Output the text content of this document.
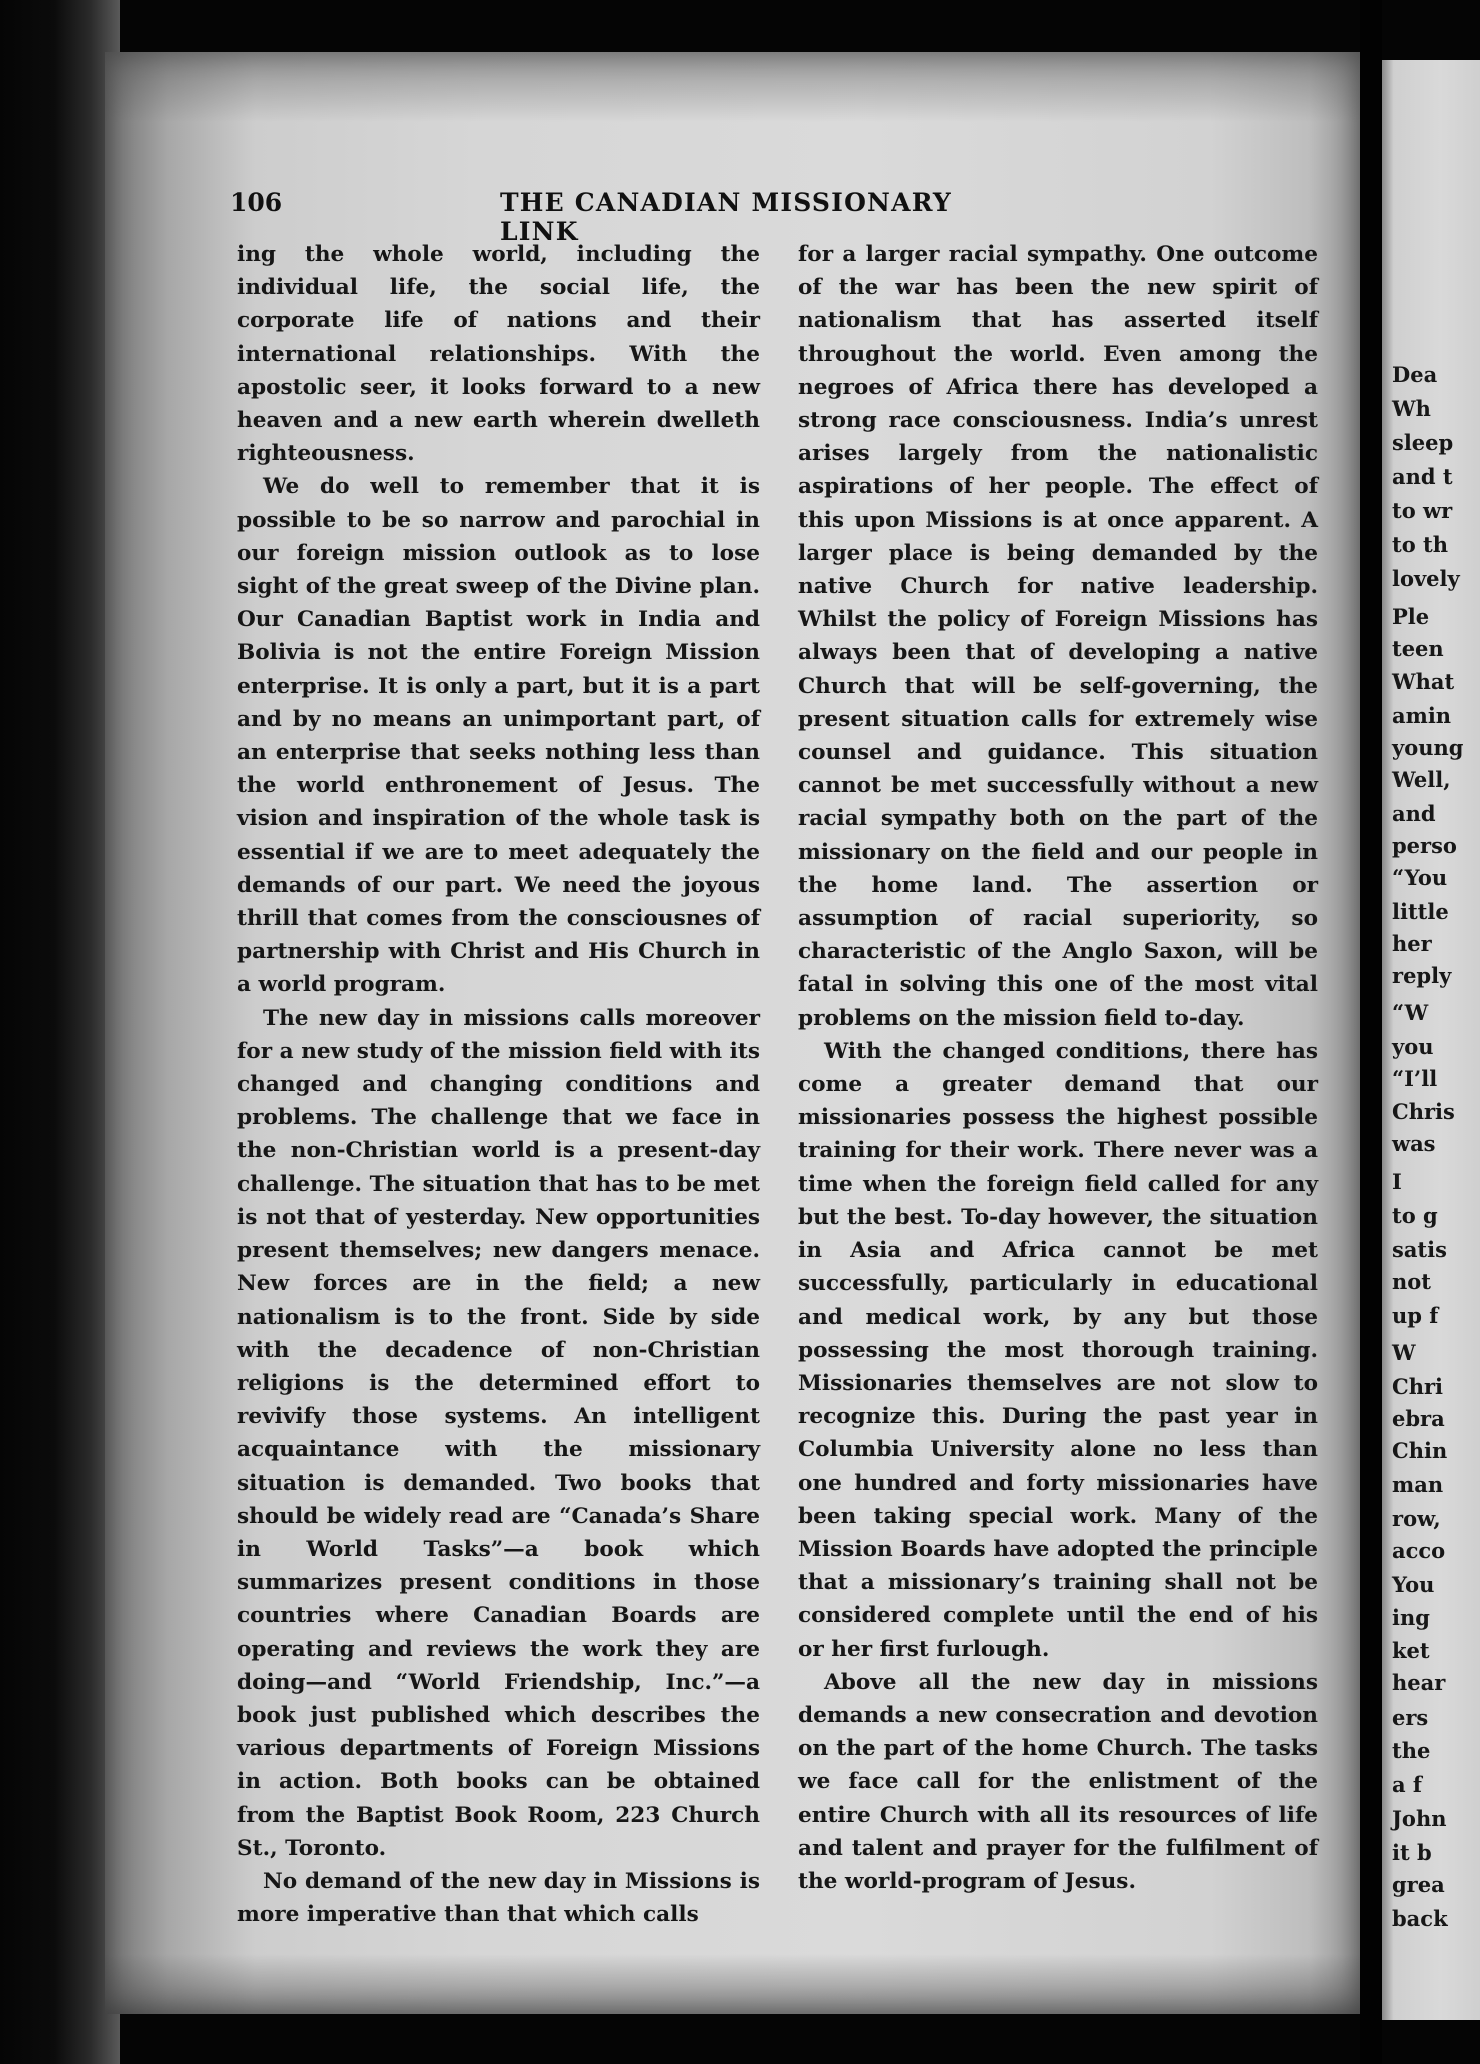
106	THE CANADIAN MISSIONARY LINK

ing the whole world, including the individual life, the social life, the corporate life of nations and their international relationships. With the apostolic seer, it looks forward to a new heaven and a new earth wherein dwelleth righteousness.

We do well to remember that it is possible to be so narrow and parochial in our foreign mission outlook as to lose sight of the great sweep of the Divine plan. Our Canadian Baptist work in India and Bolivia is not the entire Foreign Mission enterprise. It is only a part, but it is a part and by no means an unimportant part, of an enterprise that seeks nothing less than the world enthronement of Jesus. The vision and inspiration of the whole task is essential if we are to meet adequately the demands of our part. We need the joyous thrill that comes from the consciousnes of partnership with Christ and His Church in a world program.

The new day in missions calls moreover for a new study of the mission field with its changed and changing conditions and problems. The challenge that we face in the non-Christian world is a present-day challenge. The situation that has to be met is not that of yesterday. New opportunities present themselves; new dangers menace. New forces are in the field; a new nationalism is to the front. Side by side with the decadence of non-Christian religions is the determined effort to revivify those systems. An intelligent acquaintance with the missionary situation is demanded. Two books that should be widely read are “Canada’s Share in World Tasks”—a book which summarizes present conditions in those countries where Canadian Boards are operating and reviews the work they are doing—and “World Friendship, Inc.”—a book just published which describes the various departments of Foreign Missions in action. Both books can be obtained from the Baptist Book Room, 223 Church St., Toronto.

No demand of the new day in Missions is more imperative than that which calls

for a larger racial sympathy. One outcome of the war has been the new spirit of nationalism that has asserted itself throughout the world. Even among the negroes of Africa there has developed a strong race consciousness. India’s unrest arises largely from the nationalistic aspirations of her people. The effect of this upon Missions is at once apparent. A larger place is being demanded by the native Church for native leadership. Whilst the policy of Foreign Missions has always been that of developing a native Church that will be self-governing, the present situation calls for extremely wise counsel and guidance. This situation cannot be met successfully without a new racial sympathy both on the part of the missionary on the field and our people in the home land. The assertion or assumption of racial superiority, so characteristic of the Anglo Saxon, will be fatal in solving this one of the most vital problems on the mission field to-day.

With the changed conditions, there has come a greater demand that our missionaries possess the highest possible training for their work. There never was a time when the foreign field called for any but the best. To-day however, the situation in Asia and Africa cannot be met successfully, particularly in educational and medical work, by any but those possessing the most thorough training. Missionaries themselves are not slow to recognize this. During the past year in Columbia University alone no less than one hundred and forty missionaries have been taking special work. Many of the Mission Boards have adopted the principle that a missionary’s training shall not be considered complete until the end of his or her first furlough.

Above all the new day in missions demands a new consecration and devotion on the part of the home Church. The tasks we face call for the enlistment of the entire Church with all its resources of life and talent and prayer for the fulfilment of the world-program of Jesus.

Dea
Wh
sleep
and t
to wr
to th
lovely
Ple
teen
What
amin
young
Well,
and
perso
“You
little
her
reply
“W
you
“I’ll
Chris
was
I
to g
satis
not
up f
W
Chri
ebra
Chin
man
row,
acco
You
ing
ket
hear
ers
the
a f
John
it b
grea
back
